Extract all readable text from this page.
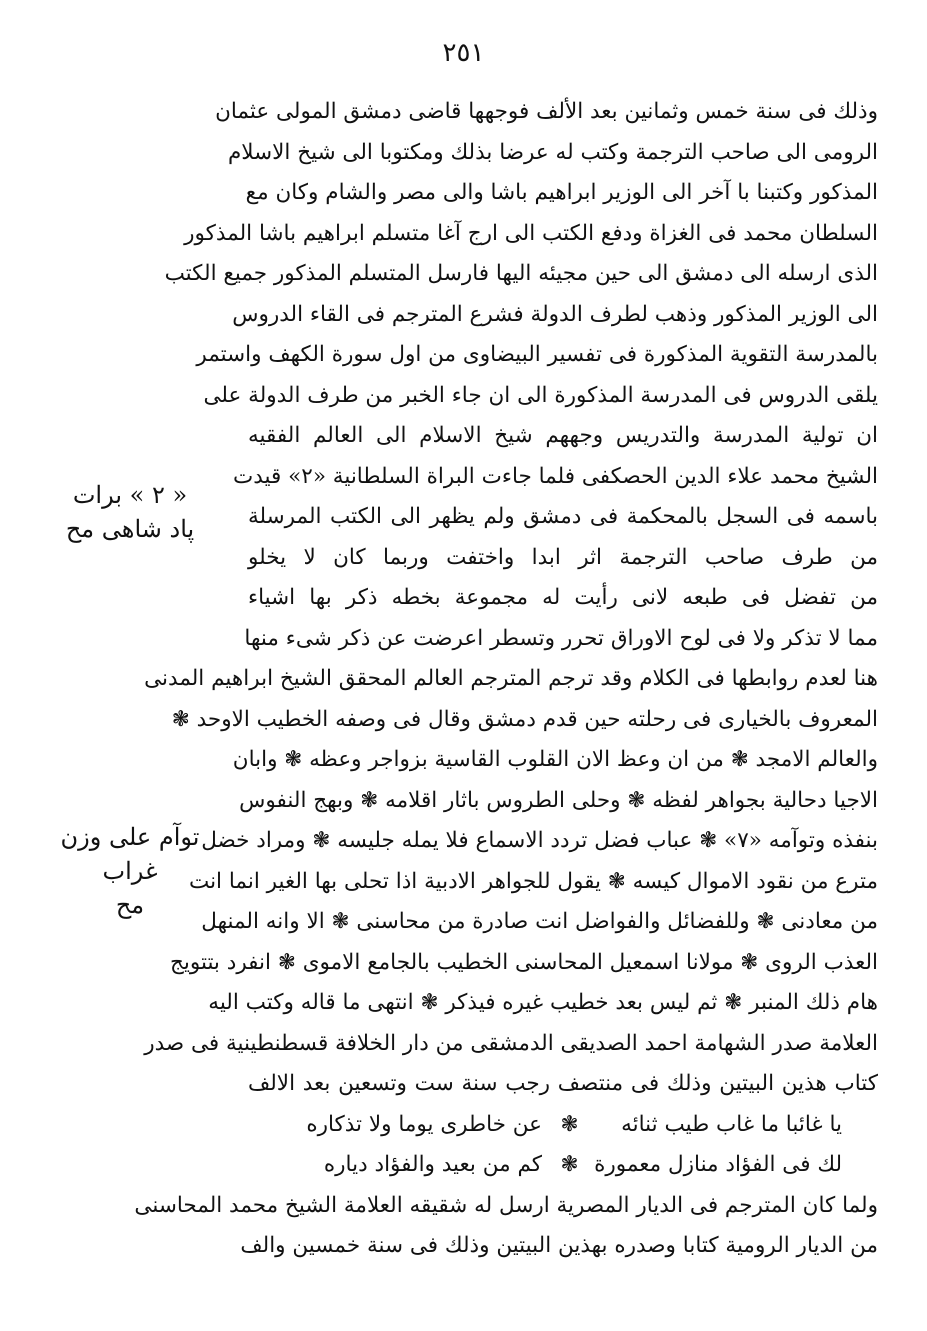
٢٥١
وذلك فى سنة خمس وثمانين بعد الألف فوجهها قاضى دمشق المولى عثمان
الرومى الى صاحب الترجمة وكتب له عرضا بذلك ومكتوبا الى شيخ الاسلام
المذكور وكتبنا با آخر الى الوزير ابراهيم باشا والى مصر والشام وكان مع
السلطان محمد فى الغزاة ودفع الكتب الى ارج آغا متسلم ابراهيم باشا المذكور
الذى ارسله الى دمشق الى حين مجيئه اليها فارسل المتسلم المذكور جميع الكتب
الى الوزير المذكور وذهب لطرف الدولة فشرع المترجم فى القاء الدروس
بالمدرسة التقوية المذكورة فى تفسير البيضاوى من اول سورة الكهف واستمر
يلقى الدروس فى المدرسة المذكورة الى ان جاء الخبر من طرف الدولة على
ان تولية المدرسة والتدريس وجههم شيخ الاسلام الى العالم الفقيه
الشيخ محمد علاء الدين الحصكفى فلما جاءت البراة السلطانية «٢» قيدت
باسمه فى السجل بالمحكمة فى دمشق ولم يظهر الى الكتب المرسلة
من طرف صاحب الترجمة اثر ابدا واختفت وربما كان لا يخلو
من تفضل فى طبعه لانى رأيت له مجموعة بخطه ذكر بها اشياء
مما لا تذكر ولا فى لوح الاوراق تحرر وتسطر اعرضت عن ذكر شىء منها
هنا لعدم روابطها فى الكلام وقد ترجم المترجم العالم المحقق الشيخ ابراهيم المدنى
المعروف بالخيارى فى رحلته حين قدم دمشق وقال فى وصفه الخطيب الاوحد ❃
والعالم الامجد ❃ من ان وعظ الان القلوب القاسية بزواجر وعظه ❃ وابان
الاجيا دحالية بجواهر لفظه ❃ وحلى الطروس باثار اقلامه ❃ وبهج النفوس
بنفذه وتوآمه «٧» ❃ عباب فضل تردد الاسماع فلا يمله جليسه ❃ ومراد خضل
مترع من نقود الاموال كيسه ❃ يقول للجواهر الادبية اذا تحلى بها الغير انما انت
من معادنى ❃ وللفضائل والفواضل انت صادرة من محاسنى ❃ الا وانه المنهل
العذب الروى ❃ مولانا اسمعيل المحاسنى الخطيب بالجامع الاموى ❃ انفرد بتتويج
هام ذلك المنبر ❃ ثم ليس بعد خطيب غيره فيذكر ❃ انتهى ما قاله وكتب اليه
العلامة صدر الشهامة احمد الصديقى الدمشقى من دار الخلافة قسطنطينية فى صدر
كتاب هذين البيتين وذلك فى منتصف رجب سنة ست وتسعين بعد الالف
يا غائبا ما غاب طيب ثنائه
❃
عن خاطرى يوما ولا تذكاره
لك فى الفؤاد منازل معمورة
❃
كم من بعيد والفؤاد دياره
ولما كان المترجم فى الديار المصرية ارسل له شقيقه العلامة الشيخ محمد المحاسنى
من الديار الرومية كتابا وصدره بهذين البيتين وذلك فى سنة خمسين والف
« ٢ » برات
پاد شاهى مح
توآم على وزن غراب
مح
